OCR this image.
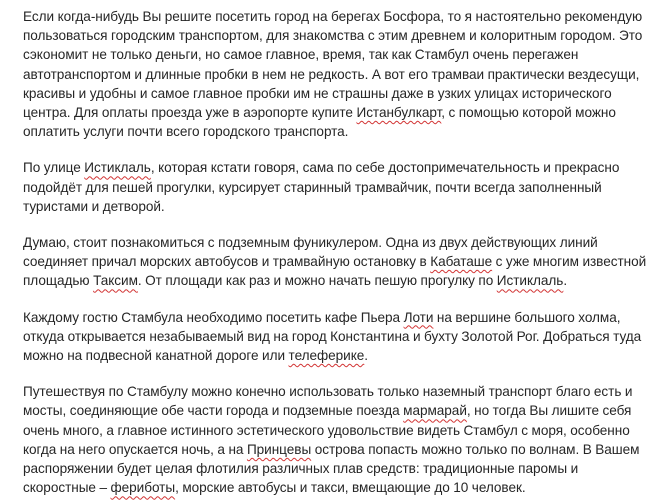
Если когда-нибудь Вы решите посетить город на берегах Босфора, то я настоятельно рекомендую пользоваться городским транспортом, для знакомства с этим древнем и колоритным городом. Это сэкономит не только деньги, но самое главное, время, так как Стамбул очень перегажен автотранспортом и длинные пробки в нем не редкость. А вот его трамваи практически вездесущи, красивы и удобны и самое главное пробки им не страшны даже в узких улицах исторического центра. Для оплаты проезда уже в аэропорте купите Истанбулкарт, с помощью которой можно оплатить услуги почти всего городского транспорта.

По улице Истиклаль, которая кстати говоря, сама по себе достопримечательность и прекрасно подойдёт для пешей прогулки, курсирует старинный трамвайчик, почти всегда заполненный туристами и детворой.

Думаю, стоит познакомиться с подземным фуникулером. Одна из двух действующих линий соединяет причал морских автобусов и трамвайную остановку в Кабаташе с уже многим известной площадью Таксим. От площади как раз и можно начать пешую прогулку по Истиклаль.

Каждому гостю Стамбула необходимо посетить кафе Пьера Лоти на вершине большого холма, откуда открывается незабываемый вид на город Константина и бухту Золотой Рог. Добраться туда можно на подвесной канатной дороге или телеферике.

Путешествуя по Стамбулу можно конечно использовать только наземный транспорт благо есть и мосты, соединяющие обе части города и подземные поезда мармарай, но тогда Вы лишите себя очень много, а главное истинного эстетического удовольствие видеть Стамбул с моря, особенно когда на него опускается ночь, а на Принцевы острова попасть можно только по волнам. В Вашем распоряжении будет целая флотилия различных плав средств: традиционные паромы и скоростные – фериботы, морские автобусы и такси, вмещающие до 10 человек.
